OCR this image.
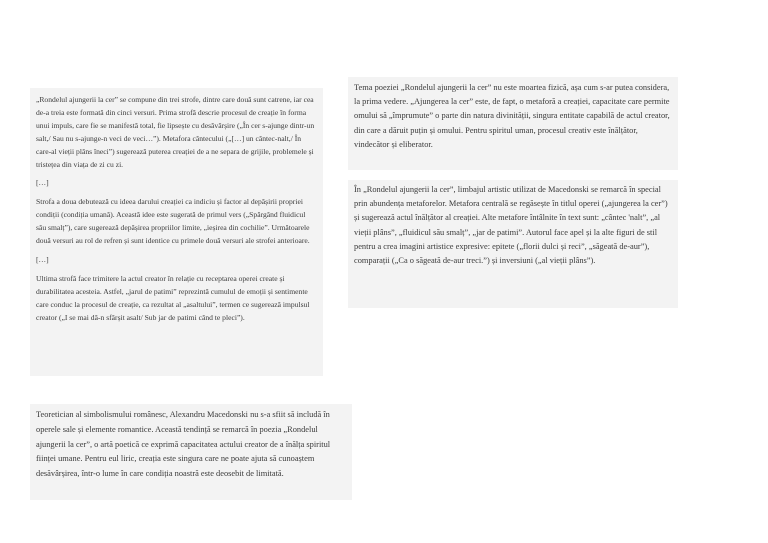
„Rondelul ajungerii la cer” se compune din trei strofe, dintre care două sunt catrene, iar cea de-a treia este formată din cinci versuri. Prima strofă descrie procesul de creație în forma unui impuls, care fie se manifestă total, fie lipsește cu desăvârșire („În cer s-ajunge dintr-un salt,/ Sau nu s-ajunge-n veci de veci…”). Metafora cântecului („[…] un cântec-nalt,/ În care-al vieții plâns îneci”) sugerează puterea creației de a ne separa de grijile, problemele și tristețea din viața de zi cu zi.

[…]

Strofa a doua debutează cu ideea darului creației ca indiciu și factor al depășirii propriei condiții (condiția umană). Această idee este sugerată de primul vers („Spărgând fluidicul său smalț”), care sugerează depășirea propriilor limite, „ieșirea din cochilie”. Următoarele două versuri au rol de refren și sunt identice cu primele două versuri ale strofei anterioare.

[…]

Ultima strofă face trimitere la actul creator în relație cu receptarea operei create și durabilitatea acesteia. Astfel, „jarul de patimi” reprezintă cumulul de emoții și sentimente care conduc la procesul de creație, ca rezultat al „asaltului”, termen ce sugerează impulsul creator („I se mai dă-n sfârșit asalt/ Sub jar de patimi când te pleci”).

Tema poeziei „Rondelul ajungerii la cer” nu este moartea fizică, așa cum s-ar putea considera, la prima vedere. „Ajungerea la cer” este, de fapt, o metaforă a creației, capacitate care permite omului să „împrumute” o parte din natura divinității, singura entitate capabilă de actul creator, din care a dăruit puțin și omului. Pentru spiritul uman, procesul creativ este înălțător, vindecător și eliberator.

În „Rondelul ajungerii la cer”, limbajul artistic utilizat de Macedonski se remarcă în special prin abundența metaforelor. Metafora centrală se regăsește în titlul operei („ajungerea la cer”) și sugerează actul înălțător al creației. Alte metafore întâlnite în text sunt: „cântec 'nalt”, „al vieții plâns”, „fluidicul său smalț”, „jar de patimi”. Autorul face apel și la alte figuri de stil pentru a crea imagini artistice expresive: epitete („florii dulci și reci”, „săgeată de-aur”), comparații („Ca o săgeată de-aur treci.”) și inversiuni („al vieții plâns”).

Teoretician al simbolismului românesc, Alexandru Macedonski nu s-a sfiit să includă în operele sale și elemente romantice. Această tendință se remarcă în poezia „Rondelul ajungerii la cer”, o artă poetică ce exprimă capacitatea actului creator de a înălța spiritul ființei umane. Pentru eul liric, creația este singura care ne poate ajuta să cunoaștem desăvârșirea, într-o lume în care condiția noastră este deosebit de limitată.
